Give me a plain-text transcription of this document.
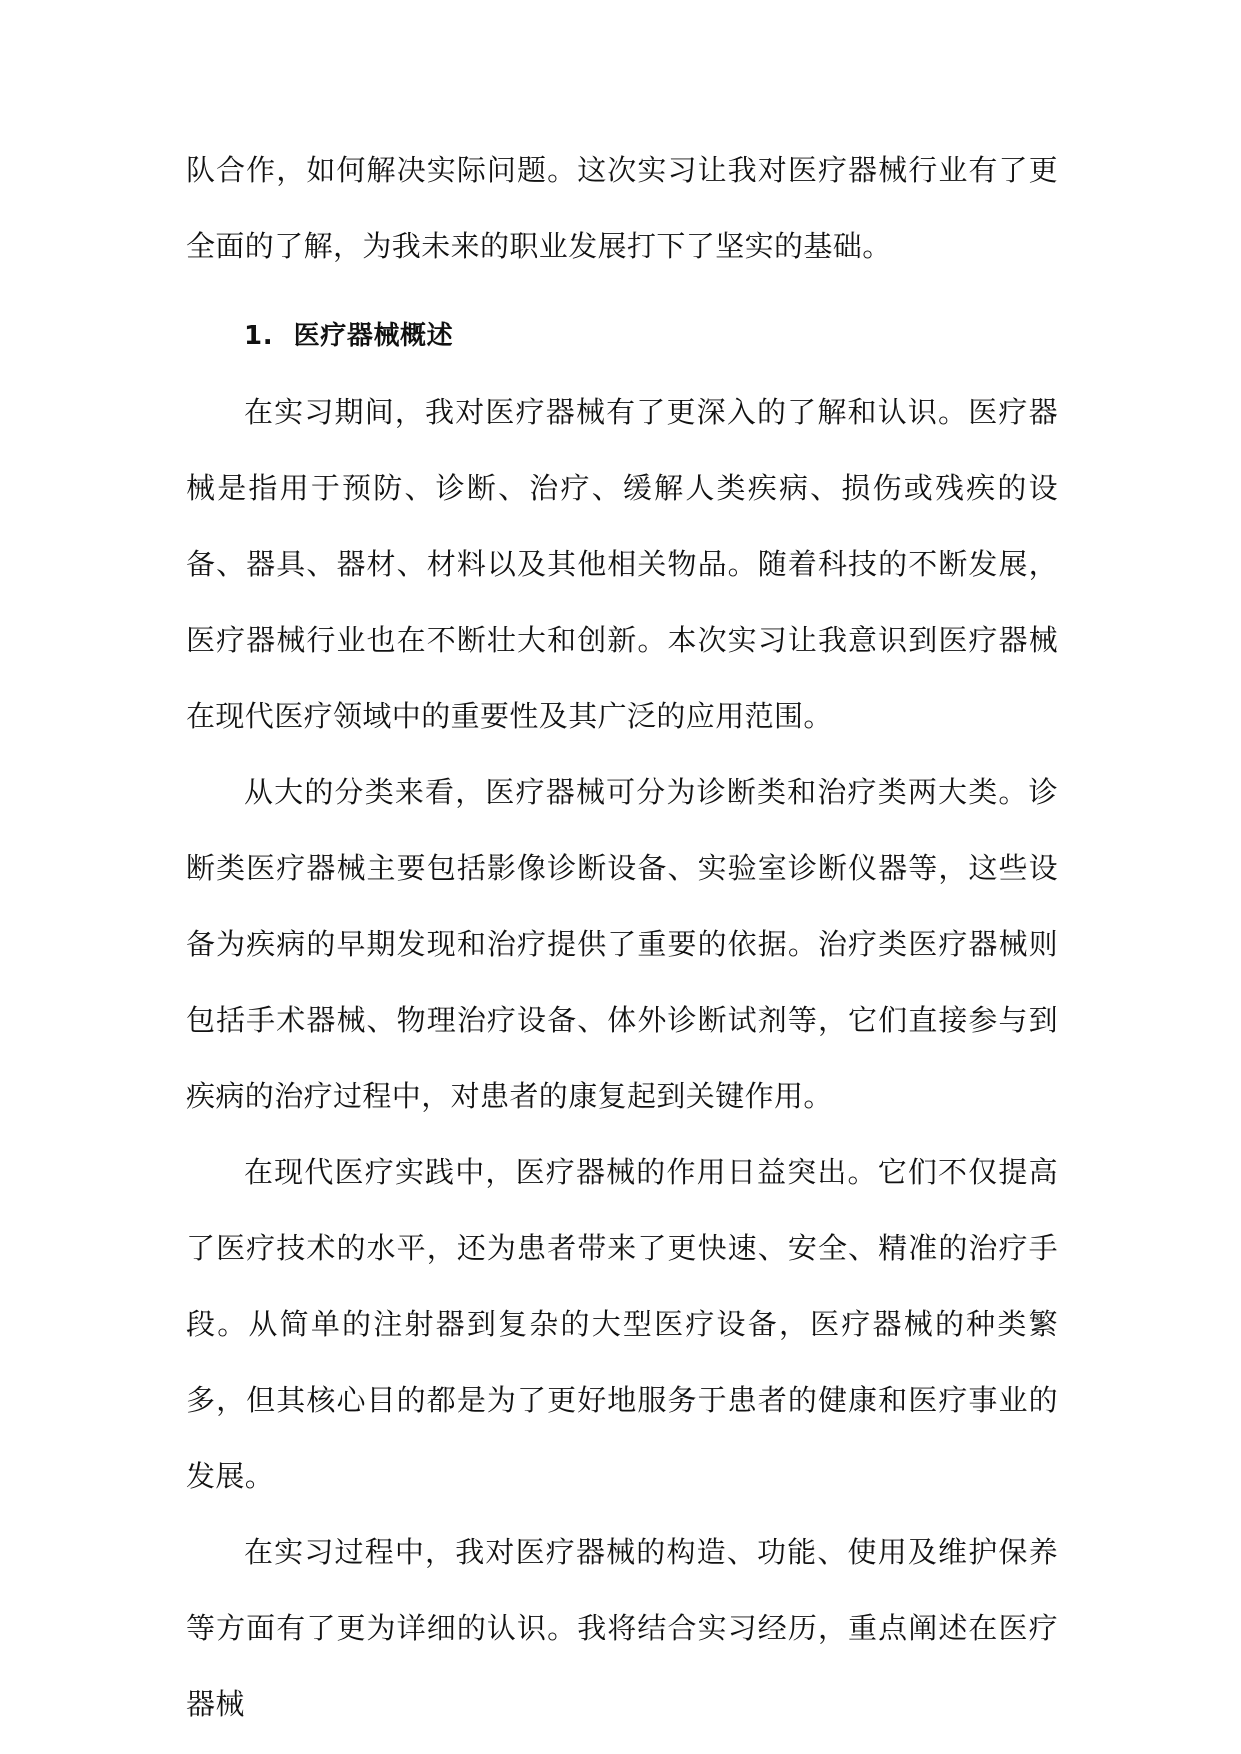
队合作，如何解决实际问题。这次实习让我对医疗器械行业有了更全面的了解，为我未来的职业发展打下了坚实的基础。

1. 医疗器械概述

在实习期间，我对医疗器械有了更深入的了解和认识。医疗器械是指用于预防、诊断、治疗、缓解人类疾病、损伤或残疾的设备、器具、器材、材料以及其他相关物品。随着科技的不断发展，医疗器械行业也在不断壮大和创新。本次实习让我意识到医疗器械在现代医疗领域中的重要性及其广泛的应用范围。

从大的分类来看，医疗器械可分为诊断类和治疗类两大类。诊断类医疗器械主要包括影像诊断设备、实验室诊断仪器等，这些设备为疾病的早期发现和治疗提供了重要的依据。治疗类医疗器械则包括手术器械、物理治疗设备、体外诊断试剂等，它们直接参与到疾病的治疗过程中，对患者的康复起到关键作用。

在现代医疗实践中，医疗器械的作用日益突出。它们不仅提高了医疗技术的水平，还为患者带来了更快速、安全、精准的治疗手段。从简单的注射器到复杂的大型医疗设备，医疗器械的种类繁多，但其核心目的都是为了更好地服务于患者的健康和医疗事业的发展。

在实习过程中，我对医疗器械的构造、功能、使用及维护保养等方面有了更为详细的认识。我将结合实习经历，重点阐述在医疗器械
